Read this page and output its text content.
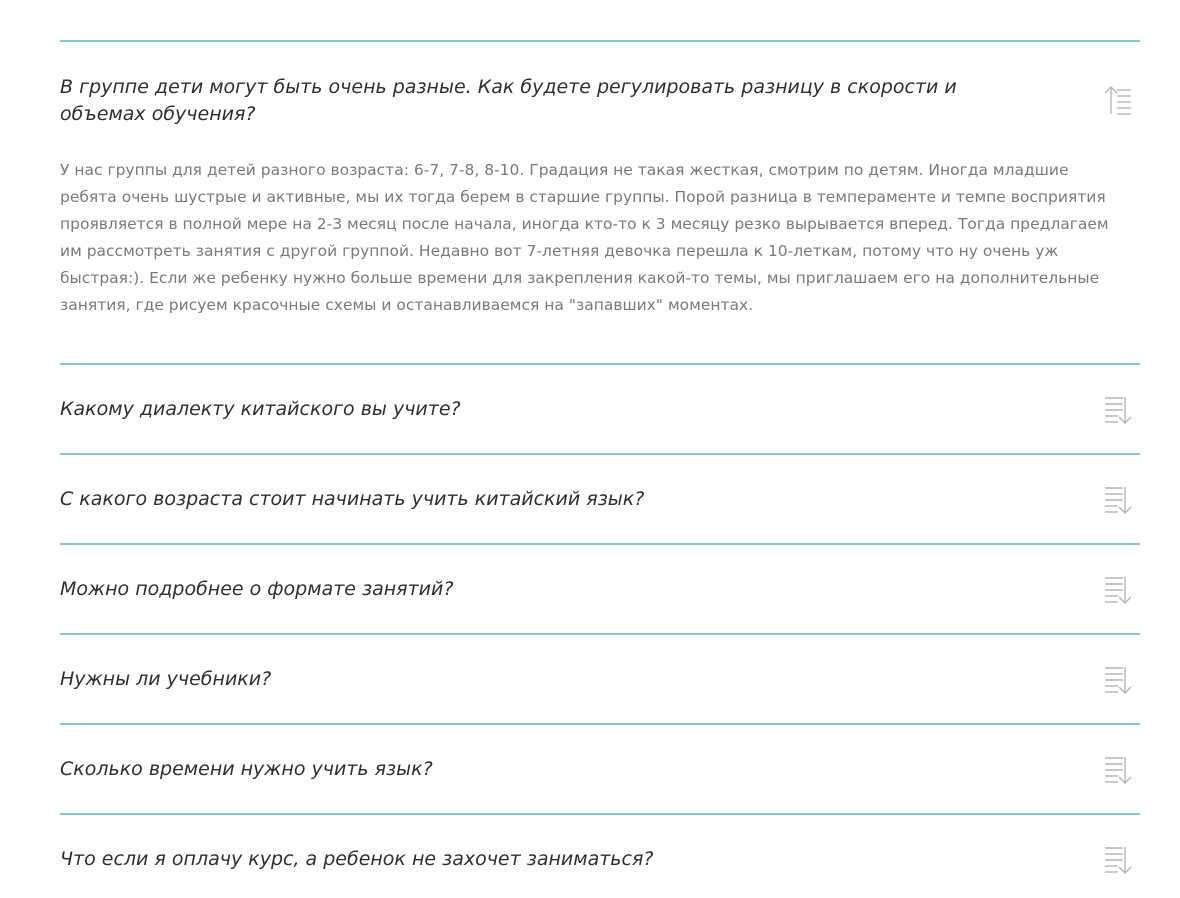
В группе дети могут быть очень разные. Как будете регулировать разницу в скорости и объемах обучения?

У нас группы для детей разного возраста: 6-7, 7-8, 8-10. Градация не такая жесткая, смотрим по детям. Иногда младшие ребята очень шустрые и активные, мы их тогда берем в старшие группы. Порой разница в темпераменте и темпе восприятия проявляется в полной мере на 2-3 месяц после начала, иногда кто-то к 3 месяцу резко вырывается вперед. Тогда предлагаем им рассмотреть занятия с другой группой. Недавно вот 7-летняя девочка перешла к 10-леткам, потому что ну очень уж быстрая:). Если же ребенку нужно больше времени для закрепления какой-то темы, мы приглашаем его на дополнительные занятия, где рисуем красочные схемы и останавливаемся на "запавших" моментах.

Какому диалекту китайского вы учите?

С какого возраста стоит начинать учить китайский язык?

Можно подробнее о формате занятий?

Нужны ли учебники?

Сколько времени нужно учить язык?

Что если я оплачу курс, а ребенок не захочет заниматься?
